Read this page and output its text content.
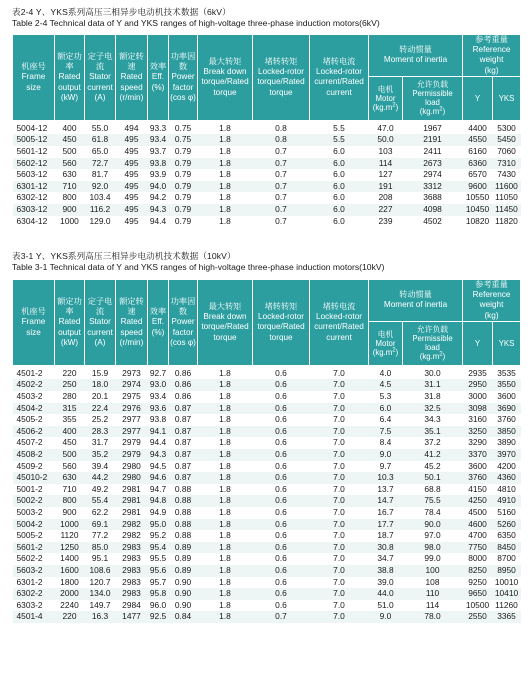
表2-4 Y、YKS系列高压三相异步电动机技术数据（6kV）
Table 2-4 Technical data of Y and YKS ranges of high-voltage three-phase induction motors(6kV)
机座号
Frame
size	额定功率
Rated output
(kW)	定子电流
Stator current
(A)	额定转速
Rated speed
(r/min)	效率
Eff.
(%)	功率因数
Power factor
(cos φ)	最大转矩
Break down
torque/Rated
torque	堵转转矩
Locked-rotor
torque/Rated
torque	堵转电流
Locked-rotor
current/Rated
current	转动惯量
Moment of inertia		参考重量
Reference
weight
(kg)	

									电机
Motor
$(kg.m^2)$	允许负载
Permissible
load
$(kg.m^2)$	Y	YKS
5004-12	400	55.0	494	93.3	0.75	1.8	0.8	5.5	47.0	1967	4400	5300
5005-12	450	61.8	495	93.4	0.75	1.8	0.8	5.5	50.0	2191	4550	5450
5601-12	500	65.0	495	93.7	0.79	1.8	0.7	6.0	103	2411	6160	7060
5602-12	560	72.7	495	93.8	0.79	1.8	0.7	6.0	114	2673	6360	7310
5603-12	630	81.7	495	93.9	0.79	1.8	0.7	6.0	127	2974	6570	7430
6301-12	710	92.0	495	94.0	0.79	1.8	0.7	6.0	191	3312	9600	11600
6302-12	800	103.4	495	94.2	0.79	1.8	0.7	6.0	208	3688	10550	11050
6303-12	900	116.2	495	94.3	0.79	1.8	0.7	6.0	227	4098	10450	11450
6304-12	1000	129.0	495	94.4	0.79	1.8	0.7	6.0	239	4502	10820	11820
表3-1 Y、YKS系列高压三相异步电动机技术数据（10kV）
Table 3-1 Technical data of Y and YKS ranges of high-voltage three-phase induction motors(10kV)
机座号
Frame
size	额定功率
Rated output
(kW)	定子电流
Stator current
(A)	额定转速
Rated speed
(r/min)	效率
Eff.
(%)	功率因数
Power factor
(cos φ)	最大转矩
Break down
torque/Rated
torque	堵转转矩
Locked-rotor
torque/Rated
torque	堵转电流
Locked-rotor
current/Rated
current	转动惯量
Moment of inertia		参考重量
Reference
weight
(kg)	

									电机
Motor
$(kg.m^2)$	允许负载
Permissible
load
$(kg.m^2)$	Y	YKS
4501-2	220	15.9	2973	92.7	0.86	1.8	0.6	7.0	4.0	30.0	2935	3535
4502-2	250	18.0	2974	93.0	0.86	1.8	0.6	7.0	4.5	31.1	2950	3550
4503-2	280	20.1	2975	93.4	0.86	1.8	0.6	7.0	5.3	31.8	3000	3600
4504-2	315	22.4	2976	93.6	0.87	1.8	0.6	7.0	6.0	32.5	3098	3690
4505-2	355	25.2	2977	93.8	0.87	1.8	0.6	7.0	6.4	34.3	3160	3760
4506-2	400	28.3	2977	94.1	0.87	1.8	0.6	7.0	7.5	35.1	3250	3850
4507-2	450	31.7	2979	94.4	0.87	1.8	0.6	7.0	8.4	37.2	3290	3890
4508-2	500	35.2	2979	94.3	0.87	1.8	0.6	7.0	9.0	41.2	3370	3970
4509-2	560	39.4	2980	94.5	0.87	1.8	0.6	7.0	9.7	45.2	3600	4200
45010-2	630	44.2	2980	94.6	0.87	1.8	0.6	7.0	10.3	50.1	3760	4360
5001-2	710	49.2	2981	94.7	0.88	1.8	0.6	7.0	13.7	68.8	4150	4810
5002-2	800	55.4	2981	94.8	0.88	1.8	0.6	7.0	14.7	75.5	4250	4910
5003-2	900	62.2	2981	94.9	0.88	1.8	0.6	7.0	16.7	78.4	4500	5160
5004-2	1000	69.1	2982	95.0	0.88	1.8	0.6	7.0	17.7	90.0	4600	5260
5005-2	1120	77.2	2982	95.2	0.88	1.8	0.6	7.0	18.7	97.0	4700	6350
5601-2	1250	85.0	2983	95.4	0.89	1.8	0.6	7.0	30.8	98.0	7750	8450
5602-2	1400	95.1	2983	95.5	0.89	1.8	0.6	7.0	34.7	99.0	8000	8700
5603-2	1600	108.6	2983	95.6	0.89	1.8	0.6	7.0	38.8	100	8250	8950
6301-2	1800	120.7	2983	95.7	0.90	1.8	0.6	7.0	39.0	108	9250	10010
6302-2	2000	134.0	2983	95.8	0.90	1.8	0.6	7.0	44.0	110	9650	10410
6303-2	2240	149.7	2984	96.0	0.90	1.8	0.6	7.0	51.0	114	10500	11260
4501-4	220	16.3	1477	92.5	0.84	1.8	0.7	7.0	9.0	78.0	2550	3365
